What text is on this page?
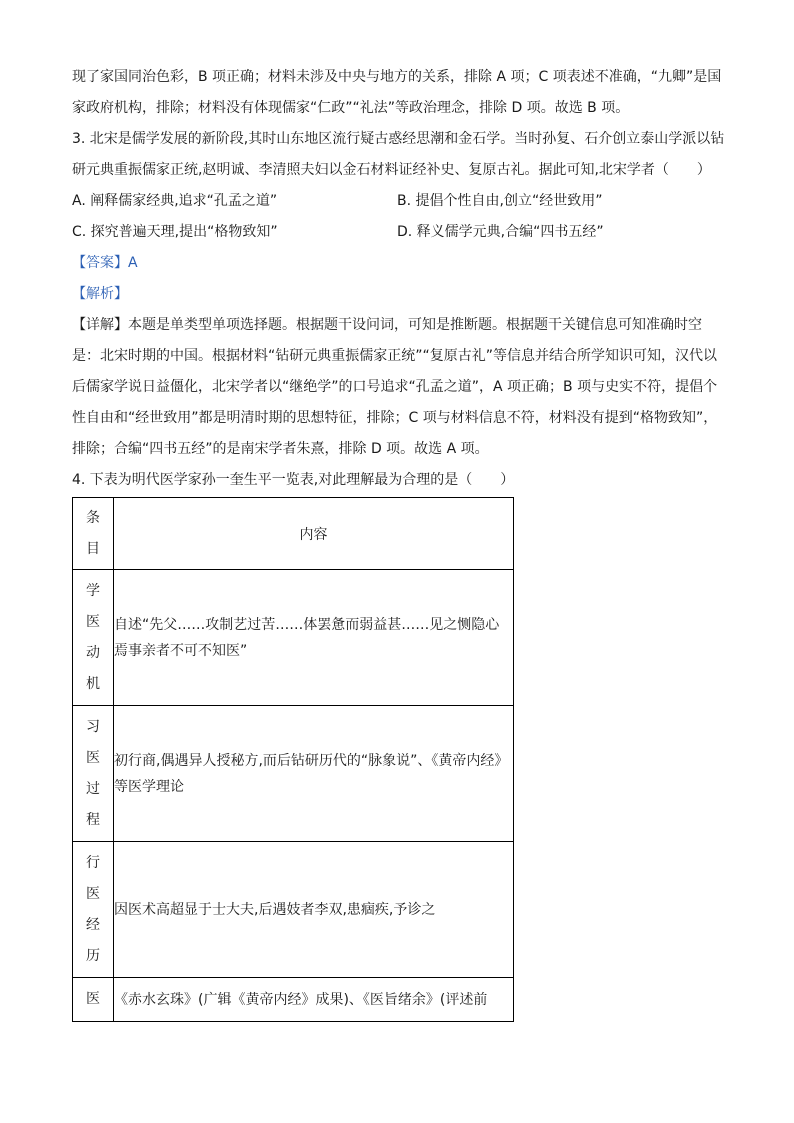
现了家国同治色彩，B 项正确；材料未涉及中央与地方的关系，排除 A 项；C 项表述不准确，“九卿”是国

家政府机构，排除；材料没有体现儒家“仁政”“礼法”等政治理念，排除 D 项。故选 B 项。

3. 北宋是儒学发展的新阶段,其时山东地区流行疑古惑经思潮和金石学。当时孙复、石介创立泰山学派以钻

研元典重振儒家正统,赵明诚、李清照夫妇以金石材料证经补史、复原古礼。据此可知,北宋学者（　　）

A. 阐释儒家经典,追求“孔孟之道”	B. 提倡个性自由,创立“经世致用”
C. 探究普遍天理,提出“格物致知”	D. 释义儒学元典,合编“四书五经”

【答案】A

【解析】

【详解】本题是单类型单项选择题。根据题干设问词，可知是推断题。根据题干关键信息可知准确时空

是：北宋时期的中国。根据材料“钻研元典重振儒家正统”“复原古礼”等信息并结合所学知识可知，汉代以

后儒家学说日益僵化，北宋学者以“继绝学”的口号追求“孔孟之道”，A 项正确；B 项与史实不符，提倡个

性自由和“经世致用”都是明清时期的思想特征，排除；C 项与材料信息不符，材料没有提到“格物致知”，

排除；合编“四书五经”的是南宋学者朱熹，排除 D 项。故选 A 项。

4. 下表为明代医学家孙一奎生平一览表,对此理解最为合理的是（　　）

条
目	内容

学
医
动
机	自述“先父……攻制艺过苦……体罢惫而弱益甚……见之恻隐心焉事亲者不可不知医”

习
医
过
程	初行商,偶遇异人授秘方,而后钻研历代的“脉象说”、《黄帝内经》等医学理论

行
医
经
历	因医术高超显于士大夫,后遇妓者李双,患痼疾,予诊之

医	《赤水玄珠》(广辑《黄帝内经》成果)、《医旨绪余》(评述前
